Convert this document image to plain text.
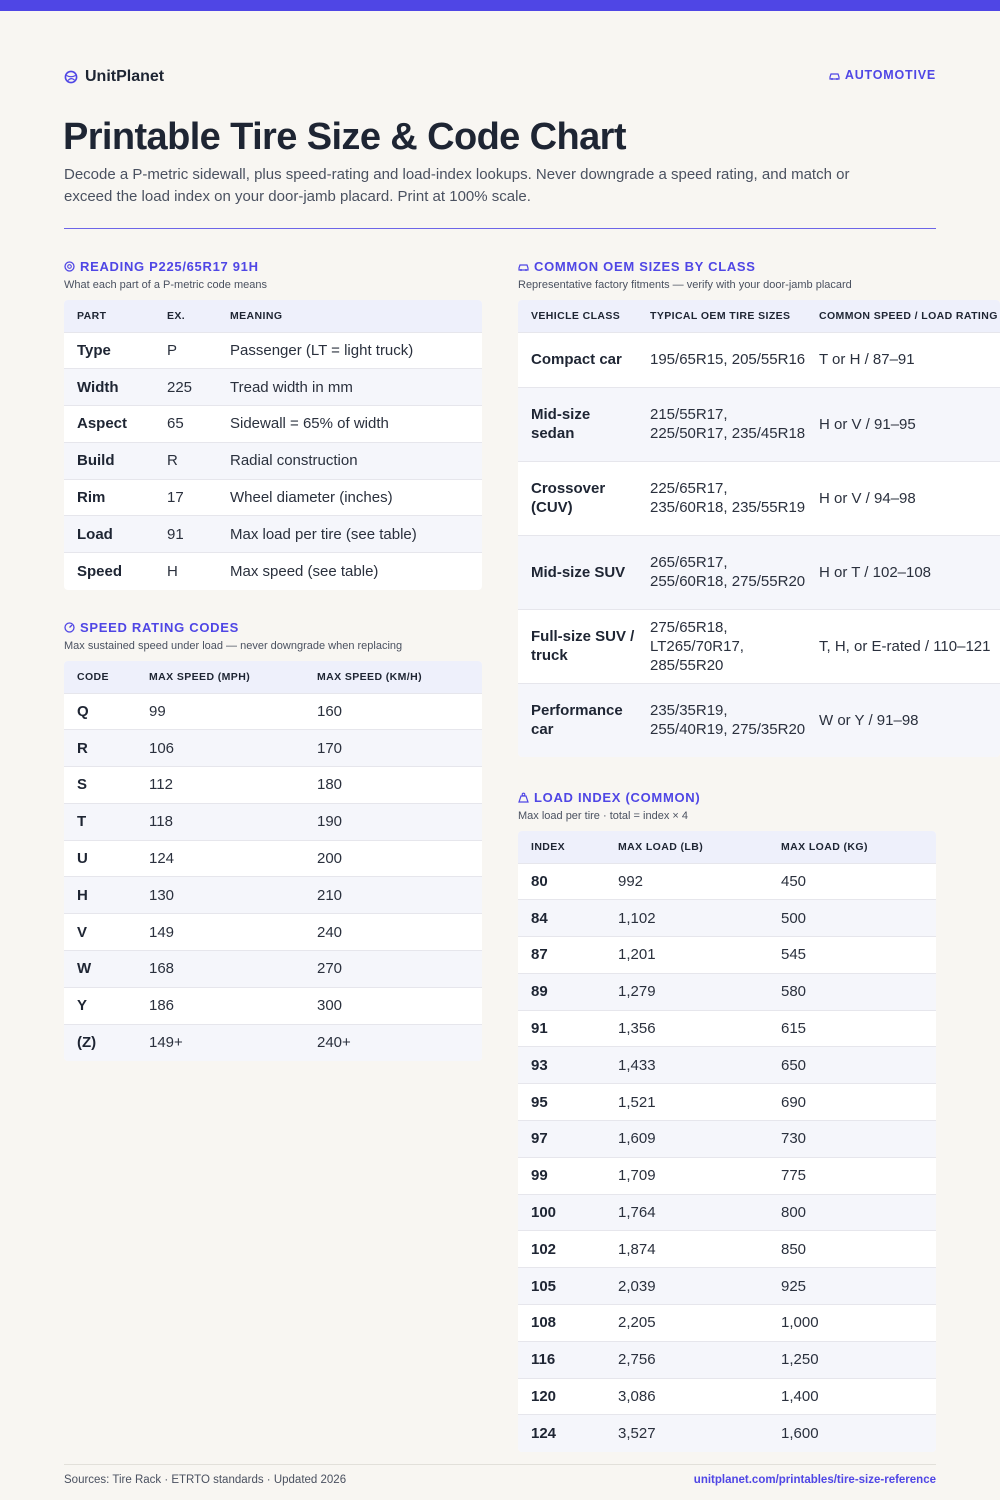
UnitPlanet	AUTOMOTIVE
Printable Tire Size & Code Chart

Decode a P-metric sidewall, plus speed-rating and load-index lookups. Never downgrade a speed rating, and match or exceed the load index on your door-jamb placard. Print at 100% scale.

READING P225/65R17 91H
What each part of a P-metric code means
PART	EX.	MEANING
Type	P	Passenger (LT = light truck)
Width	225	Tread width in mm
Aspect	65	Sidewall = 65% of width
Build	R	Radial construction
Rim	17	Wheel diameter (inches)
Load	91	Max load per tire (see table)
Speed	H	Max speed (see table)
SPEED RATING CODES
Max sustained speed under load — never downgrade when replacing
CODE	MAX SPEED (MPH)	MAX SPEED (KM/H)
Q	99	160
R	106	170
S	112	180
T	118	190
U	124	200
H	130	210
V	149	240
W	168	270
Y	186	300
(Z)	149+	240+
COMMON OEM SIZES BY CLASS
Representative factory fitments — verify with your door-jamb placard
VEHICLE CLASS	TYPICAL OEM TIRE SIZES	COMMON SPEED / LOAD RATING
Compact car	195/65R15, 205/55R16	T or H / 87–91
Mid-size sedan	215/55R17, 225/50R17, 235/45R18	H or V / 91–95
Crossover (CUV)	225/65R17, 235/60R18, 235/55R19	H or V / 94–98
Mid-size SUV	265/65R17, 255/60R18, 275/55R20	H or T / 102–108
Full-size SUV / truck	275/65R18, LT265/70R17, 285/55R20	T, H, or E-rated / 110–121
Performance car	235/35R19, 255/40R19, 275/35R20	W or Y / 91–98
LOAD INDEX (COMMON)
Max load per tire · total = index × 4
INDEX	MAX LOAD (LB)	MAX LOAD (KG)
80	992	450
84	1,102	500
87	1,201	545
89	1,279	580
91	1,356	615
93	1,433	650
95	1,521	690
97	1,609	730
99	1,709	775
100	1,764	800
102	1,874	850
105	2,039	925
108	2,205	1,000
116	2,756	1,250
120	3,086	1,400
124	3,527	1,600
Sources: Tire Rack · ETRTO standards · Updated 2026	unitplanet.com/printables/tire-size-reference
